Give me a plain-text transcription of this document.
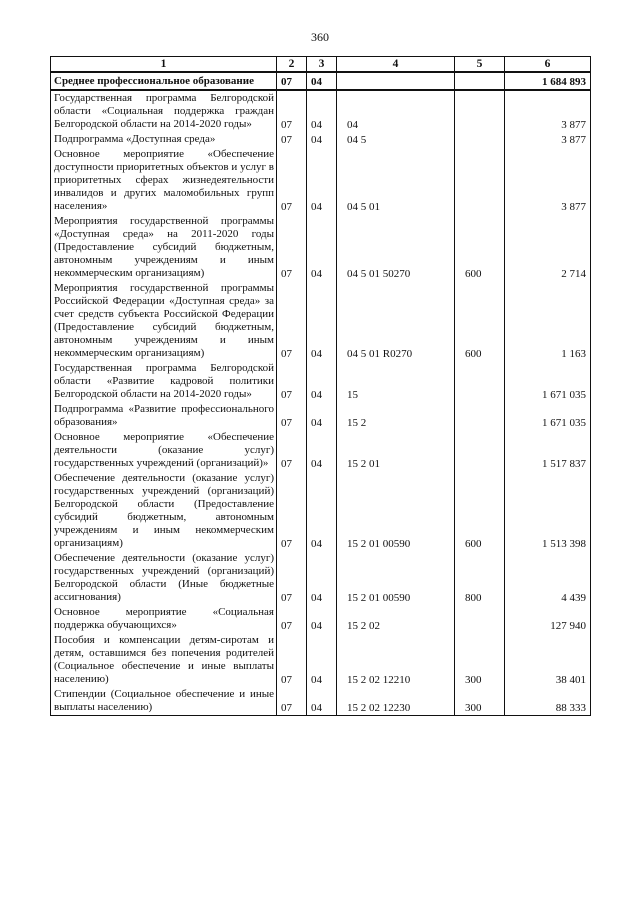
360
1	2	3	4	5	6
Среднее профессиональное образование	07	04			1 684 893
Государственная программа Белгородской области «Социальная поддержка граждан Белгородской области на 2014-2020 годы»	07	04	04		3 877
Подпрограмма «Доступная среда»	07	04	04 5		3 877
Основное мероприятие «Обеспечение доступности приоритетных объектов и услуг в приоритетных сферах жизнедеятельности инвалидов и других маломобильных групп населения»	07	04	04 5 01		3 877
Мероприятия государственной программы «Доступная среда» на 2011-2020 годы (Предоставление субсидий бюджетным, автономным учреждениям и иным некоммерческим организациям)	07	04	04 5 01 50270	600	2 714
Мероприятия государственной программы Российской Федерации «Доступная среда» за счет средств субъекта Российской Федерации (Предоставление субсидий бюджетным, автономным учреждениям и иным некоммерческим организациям)	07	04	04 5 01 R0270	600	1 163
Государственная программа Белгородской области «Развитие кадровой политики Белгородской области на 2014-2020 годы»	07	04	15		1 671 035
Подпрограмма «Развитие профессионального образования»	07	04	15 2		1 671 035
Основное мероприятие «Обеспечение деятельности (оказание услуг) государственных учреждений (организаций)»	07	04	15 2 01		1 517 837
Обеспечение деятельности (оказание услуг) государственных учреждений (организаций) Белгородской области (Предоставление субсидий бюджетным, автономным учреждениям и иным некоммерческим организациям)	07	04	15 2 01 00590	600	1 513 398
Обеспечение деятельности (оказание услуг) государственных учреждений (организаций) Белгородской области (Иные бюджетные ассигнования)	07	04	15 2 01 00590	800	4 439
Основное мероприятие «Социальная поддержка обучающихся»	07	04	15 2 02		127 940
Пособия и компенсации детям-сиротам и детям, оставшимся без попечения родителей (Социальное обеспечение и иные выплаты населению)	07	04	15 2 02 12210	300	38 401
Стипендии (Социальное обеспечение и иные выплаты населению)	07	04	15 2 02 12230	300	88 333
